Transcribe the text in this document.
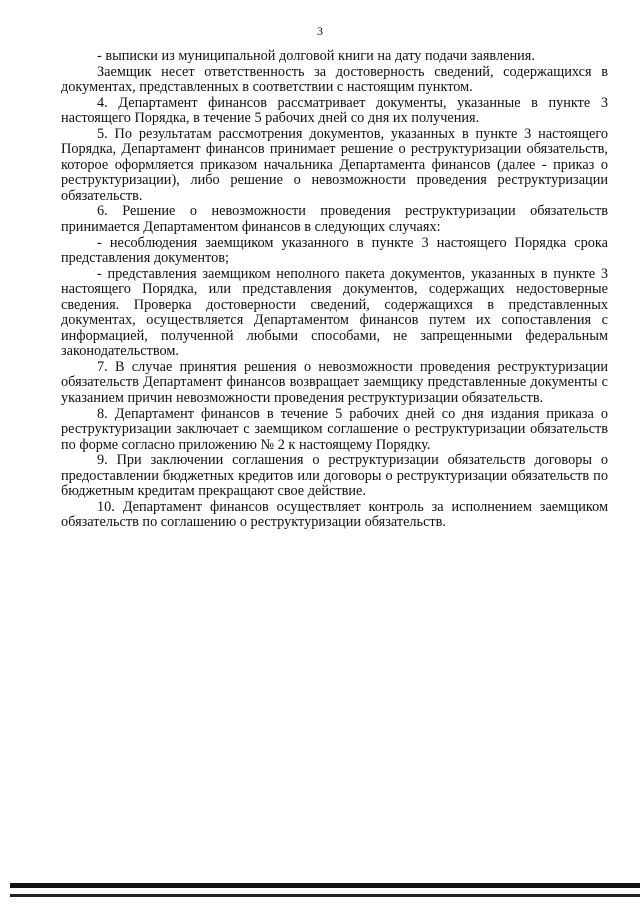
3

- выписки из муниципальной долговой книги на дату подачи заявления.

Заемщик несет ответственность за достоверность сведений, содержащихся в документах, представленных в соответствии с настоящим пунктом.

4. Департамент финансов рассматривает документы, указанные в пункте 3 настоящего Порядка, в течение 5 рабочих дней со дня их получения.

5. По результатам рассмотрения документов, указанных в пункте 3 настоящего Порядка, Департамент финансов принимает решение о реструктуризации обязательств, которое оформляется приказом начальника Департамента финансов (далее - приказ о реструктуризации), либо решение о невозможности проведения реструктуризации обязательств.

6. Решение о невозможности проведения реструктуризации обязательств принимается Департаментом финансов в следующих случаях:

- несоблюдения заемщиком указанного в пункте 3 настоящего Порядка срока представления документов;

- представления заемщиком неполного пакета документов, указанных в пункте 3 настоящего Порядка, или представления документов, содержащих недостоверные сведения. Проверка достоверности сведений, содержащихся в представленных документах, осуществляется Департаментом финансов путем их сопоставления с информацией, полученной любыми способами, не запрещенными федеральным законодательством.

7. В случае принятия решения о невозможности проведения реструктуризации обязательств Департамент финансов возвращает заемщику представленные документы с указанием причин невозможности проведения реструктуризации обязательств.

8. Департамент финансов в течение 5 рабочих дней со дня издания приказа о реструктуризации заключает с заемщиком соглашение о реструктуризации обязательств по форме согласно приложению № 2 к настоящему Порядку.

9. При заключении соглашения о реструктуризации обязательств договоры о предоставлении бюджетных кредитов или договоры о реструктуризации обязательств по бюджетным кредитам прекращают свое действие.

10. Департамент финансов осуществляет контроль за исполнением заемщиком обязательств по соглашению о реструктуризации обязательств.
